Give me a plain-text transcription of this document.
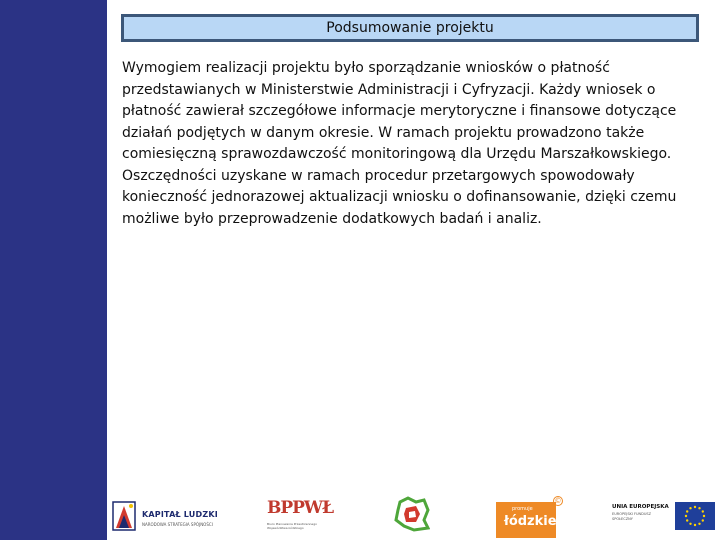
Podsumowanie projektu

Wymogiem realizacji projektu było sporządzanie wniosków o płatność przedstawianych w Ministerstwie Administracji i Cyfryzacji. Każdy wniosek o płatność zawierał szczegółowe informacje merytoryczne i finansowe dotyczące działań podjętych w danym okresie. W ramach projektu prowadzono także comiesięczną sprawozdawczość monitoringową dla Urzędu Marszałkowskiego. Oszczędności uzyskane w ramach procedur przetargowych spowodowały konieczność jednorazowej aktualizacji wniosku o dofinansowanie, dzięki czemu możliwe było przeprowadzenie dodatkowych badań i analiz.

KAPITAŁ LUDZKI
NARODOWA STRATEGIA SPÓJNOŚCI
BPPWŁ
Biuro Planowania Przestrzennego Województwa Łódzkiego
promuje
łódzkie
©
UNIA EUROPEJSKA
EUROPEJSKI FUNDUSZ SPOŁECZNY
